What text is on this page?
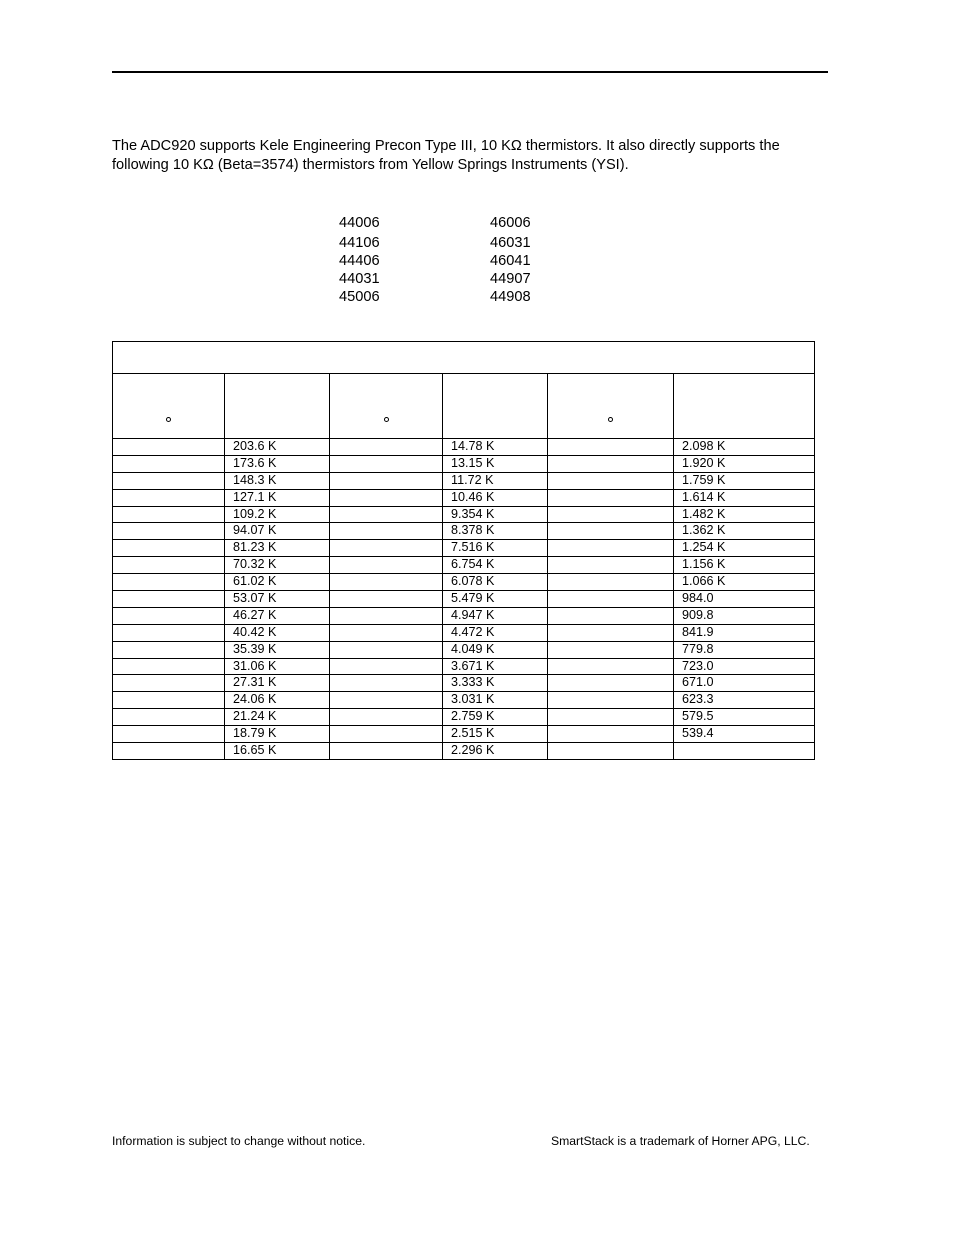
The ADC920 supports Kele Engineering Precon Type III, 10 KΩ thermistors. It also directly supports the
following 10 KΩ (Beta=3574) thermistors from Yellow Springs Instruments (YSI).
44006	46006
44106	46031
44406	46041
44031	44907
45006	44908

	203.6 K		14.78 K		2.098 K
	173.6 K		13.15 K		1.920 K
	148.3 K		11.72 K		1.759 K
	127.1 K		10.46 K		1.614 K
	109.2 K		9.354 K		1.482 K
	94.07 K		8.378 K		1.362 K
	81.23 K		7.516 K		1.254 K
	70.32 K		6.754 K		1.156 K
	61.02 K		6.078 K		1.066 K
	53.07 K		5.479 K		984.0
	46.27 K		4.947 K		909.8
	40.42 K		4.472 K		841.9
	35.39 K		4.049 K		779.8
	31.06 K		3.671 K		723.0
	27.31 K		3.333 K		671.0
	24.06 K		3.031 K		623.3
	21.24 K		2.759 K		579.5
	18.79 K		2.515 K		539.4
	16.65 K		2.296 K		
Information is subject to change without notice.	SmartStack is a trademark of Horner APG, LLC.
